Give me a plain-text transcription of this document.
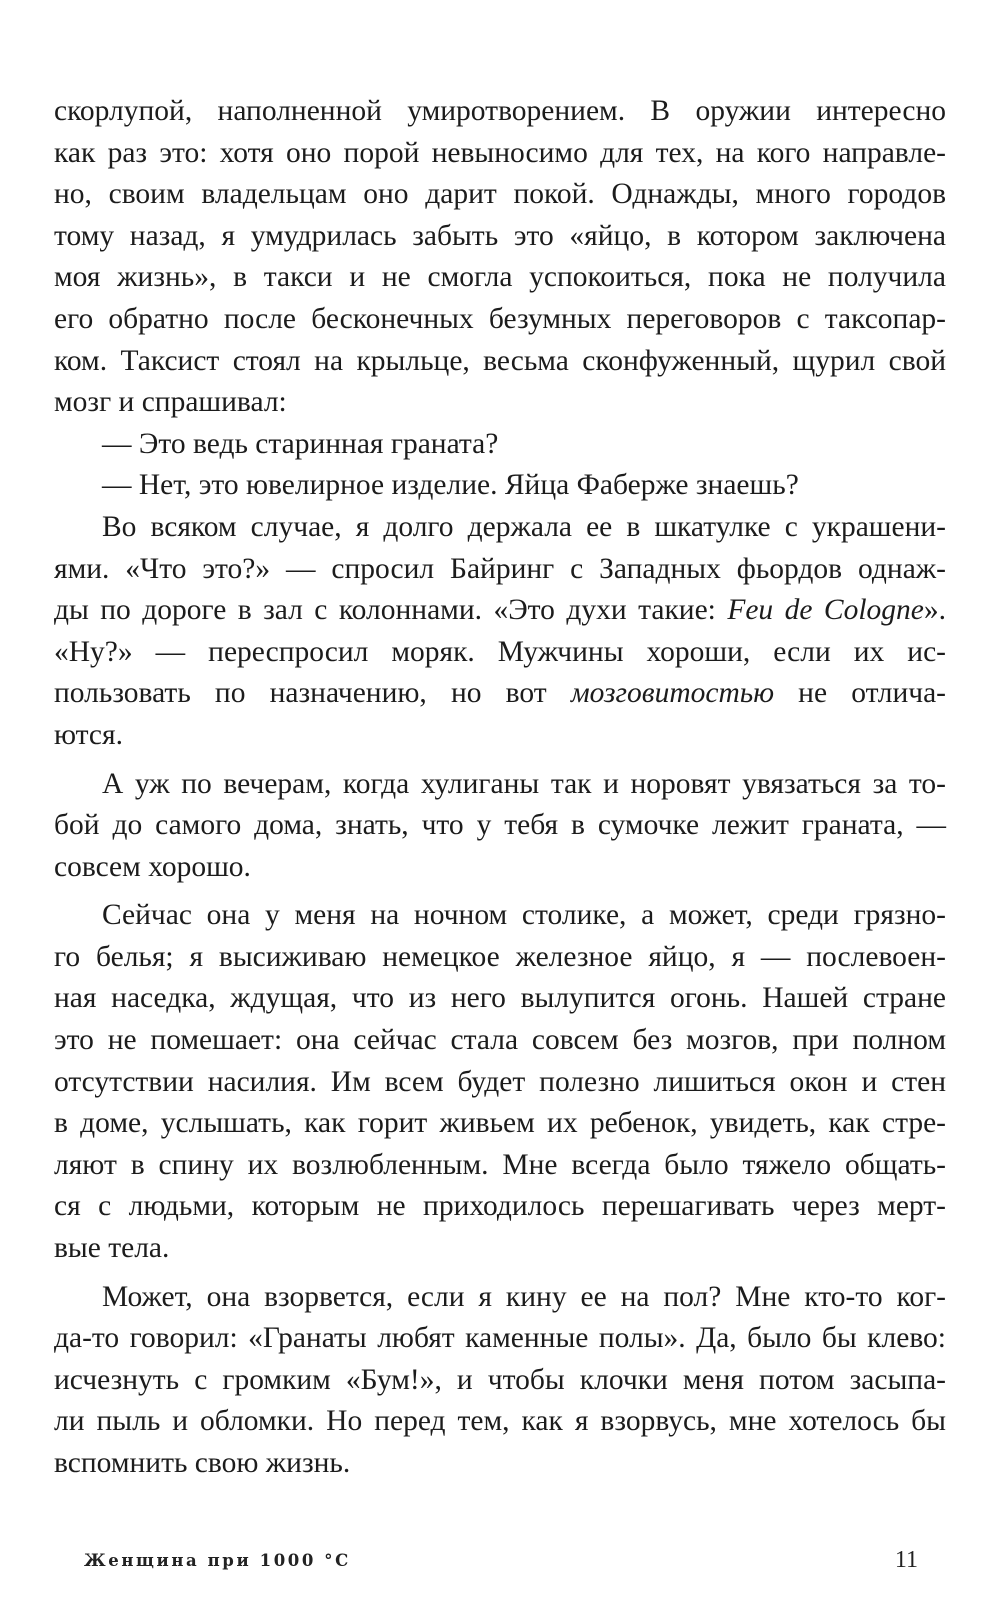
скорлупой, наполненной умиротворением. В оружии интересно
как раз это: хотя оно порой невыносимо для тех, на кого направле-
но, своим владельцам оно дарит покой. Однажды, много городов
тому назад, я умудрилась забыть это «яйцо, в котором заключена
моя жизнь», в такси и не смогла успокоиться, пока не получила
его обратно после бесконечных безумных переговоров с таксопар-
ком. Таксист стоял на крыльце, весьма сконфуженный, щурил свой
мозг и спрашивал:
— Это ведь старинная граната?
— Нет, это ювелирное изделие. Яйца Фаберже знаешь?
Во всяком случае, я долго держала ее в шкатулке с украшени-
ями. «Что это?» — спросил Байринг с Западных фьордов однаж-
ды по дороге в зал с колоннами. «Это духи такие: Feu de Cologne».
«Ну?» — переспросил моряк. Мужчины хороши, если их ис-
пользовать по назначению, но вот мозговитостью не отлича-
ются.
А уж по вечерам, когда хулиганы так и норовят увязаться за то-
бой до самого дома, знать, что у тебя в сумочке лежит граната, —
совсем хорошо.
Сейчас она у меня на ночном столике, а может, среди грязно-
го белья; я высиживаю немецкое железное яйцо, я — послевоен-
ная наседка, ждущая, что из него вылупится огонь. Нашей стране
это не помешает: она сейчас стала совсем без мозгов, при полном
отсутствии насилия. Им всем будет полезно лишиться окон и стен
в доме, услышать, как горит живьем их ребенок, увидеть, как стре-
ляют в спину их возлюбленным. Мне всегда было тяжело общать-
ся с людьми, которым не приходилось перешагивать через мерт-
вые тела.
Может, она взорвется, если я кину ее на пол? Мне кто-то ког-
да-то говорил: «Гранаты любят каменные полы». Да, было бы клево:
исчезнуть с громким «Бум!», и чтобы клочки меня потом засыпа-
ли пыль и обломки. Но перед тем, как я взорвусь, мне хотелось бы
вспомнить свою жизнь.
Женщина при 1000 °С	11
